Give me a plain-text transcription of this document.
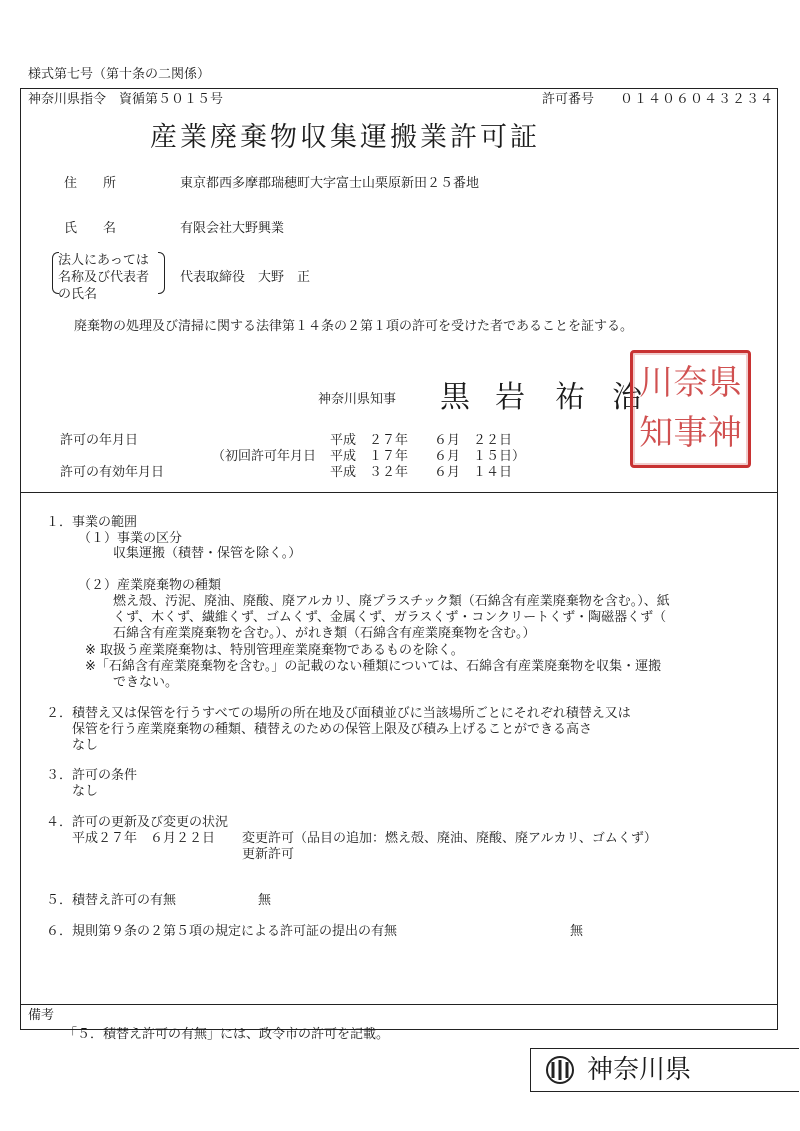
様式第七号（第十条の二関係）
神奈川県指令　資循第５０１５号	許可番号 ０１４０６０４３２３４
産業廃棄物収集運搬業許可証
住　　所	東京都西多摩郡瑞穂町大字富士山栗原新田２５番地
氏　　名	有限会社大野興業
法人にあっては
名称及び代表者
の氏名
代表取締役　大野　正
廃棄物の処理及び清掃に関する法律第１４条の２第１項の許可を受けた者であることを証する。
神奈川県知事 黒 岩 祐 治
川 奈 県
知 事 神
許可の年月日	平成　２７年　　６月　２２日
（初回許可年月日 平成　１７年　　６月　１５日）
許可の有効年月日	平成　３２年　　６月　１４日
１．事業の範囲
（１）事業の区分
収集運搬（積替・保管を除く。）
（２）産業廃棄物の種類
燃え殻、汚泥、廃油、廃酸、廃アルカリ、廃プラスチック類（石綿含有産業廃棄物を含む。）、紙
くず、木くず、繊維くず、ゴムくず、金属くず、ガラスくず・コンクリートくず・陶磁器くず（
石綿含有産業廃棄物を含む。）、がれき類（石綿含有産業廃棄物を含む。）
※ 取扱う産業廃棄物は、特別管理産業廃棄物であるものを除く。
※「石綿含有産業廃棄物を含む。」の記載のない種類については、石綿含有産業廃棄物を収集・運搬
できない。
２．積替え又は保管を行うすべての場所の所在地及び面積並びに当該場所ごとにそれぞれ積替え又は
保管を行う産業廃棄物の種類、積替えのための保管上限及び積み上げることができる高さ
なし
３．許可の条件
なし
４．許可の更新及び変更の状況
平成２７年　６月２２日 変更許可（品目の追加：燃え殻、廃油、廃酸、廃アルカリ、ゴムくず）
更新許可
５．積替え許可の有無	無
６．規則第９条の２第５項の規定による許可証の提出の有無	無
備考
「５．積替え許可の有無」には、政令市の許可を記載。
神奈川県
